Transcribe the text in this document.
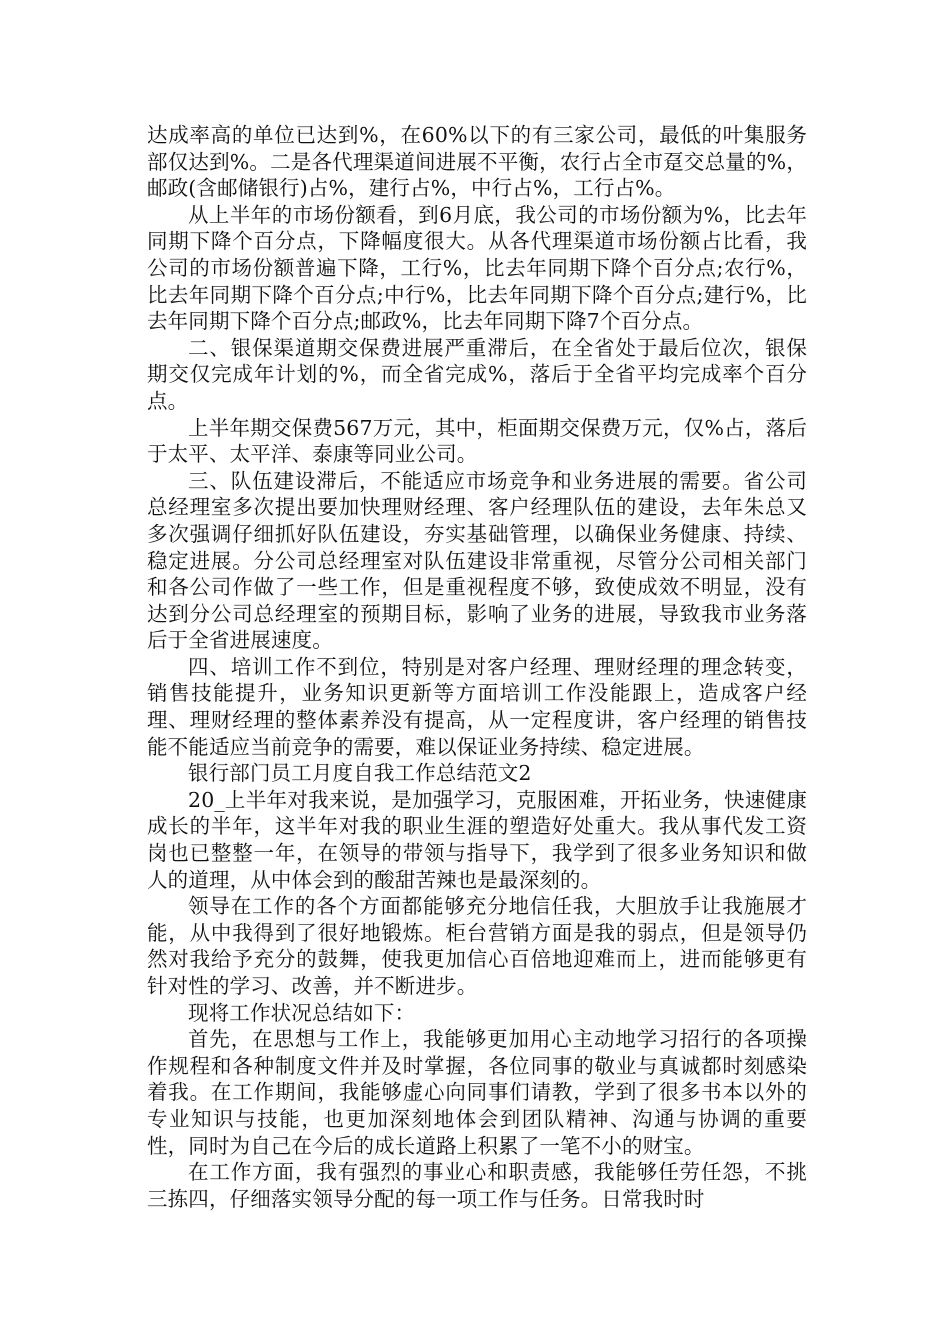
达成率高的单位已达到%，在60%以下的有三家公司，最低的叶集服务部仅达到%。二是各代理渠道间进展不平衡，农行占全市趸交总量的%，邮政(含邮储银行)占%，建行占%，中行占%，工行占%。

从上半年的市场份额看，到6月底，我公司的市场份额为%，比去年同期下降个百分点，下降幅度很大。从各代理渠道市场份额占比看，我公司的市场份额普遍下降，工行%，比去年同期下降个百分点;农行%，比去年同期下降个百分点;中行%，比去年同期下降个百分点;建行%，比去年同期下降个百分点;邮政%，比去年同期下降7个百分点。

二、银保渠道期交保费进展严重滞后，在全省处于最后位次，银保期交仅完成年计划的%，而全省完成%，落后于全省平均完成率个百分点。

上半年期交保费567万元，其中，柜面期交保费万元，仅%占，落后于太平、太平洋、泰康等同业公司。

三、队伍建设滞后，不能适应市场竞争和业务进展的需要。省公司总经理室多次提出要加快理财经理、客户经理队伍的建设，去年朱总又多次强调仔细抓好队伍建设，夯实基础管理，以确保业务健康、持续、稳定进展。分公司总经理室对队伍建设非常重视，尽管分公司相关部门和各公司作做了一些工作，但是重视程度不够，致使成效不明显，没有达到分公司总经理室的预期目标，影响了业务的进展，导致我市业务落后于全省进展速度。

四、培训工作不到位，特别是对客户经理、理财经理的理念转变，销售技能提升，业务知识更新等方面培训工作没能跟上，造成客户经理、理财经理的整体素养没有提高，从一定程度讲，客户经理的销售技能不能适应当前竞争的需要，难以保证业务持续、稳定进展。

银行部门员工月度自我工作总结范文2

20_上半年对我来说，是加强学习，克服困难，开拓业务，快速健康成长的半年，这半年对我的职业生涯的塑造好处重大。我从事代发工资岗也已整整一年，在领导的带领与指导下，我学到了很多业务知识和做人的道理，从中体会到的酸甜苦辣也是最深刻的。

领导在工作的各个方面都能够充分地信任我，大胆放手让我施展才能，从中我得到了很好地锻炼。柜台营销方面是我的弱点，但是领导仍然对我给予充分的鼓舞，使我更加信心百倍地迎难而上，进而能够更有针对性的学习、改善，并不断进步。

现将工作状况总结如下：

首先，在思想与工作上，我能够更加用心主动地学习招行的各项操作规程和各种制度文件并及时掌握，各位同事的敬业与真诚都时刻感染着我。在工作期间，我能够虚心向同事们请教，学到了很多书本以外的专业知识与技能，也更加深刻地体会到团队精神、沟通与协调的重要性，同时为自己在今后的成长道路上积累了一笔不小的财宝。

在工作方面，我有强烈的事业心和职责感，我能够任劳任怨，不挑三拣四，仔细落实领导分配的每一项工作与任务。日常我时时
